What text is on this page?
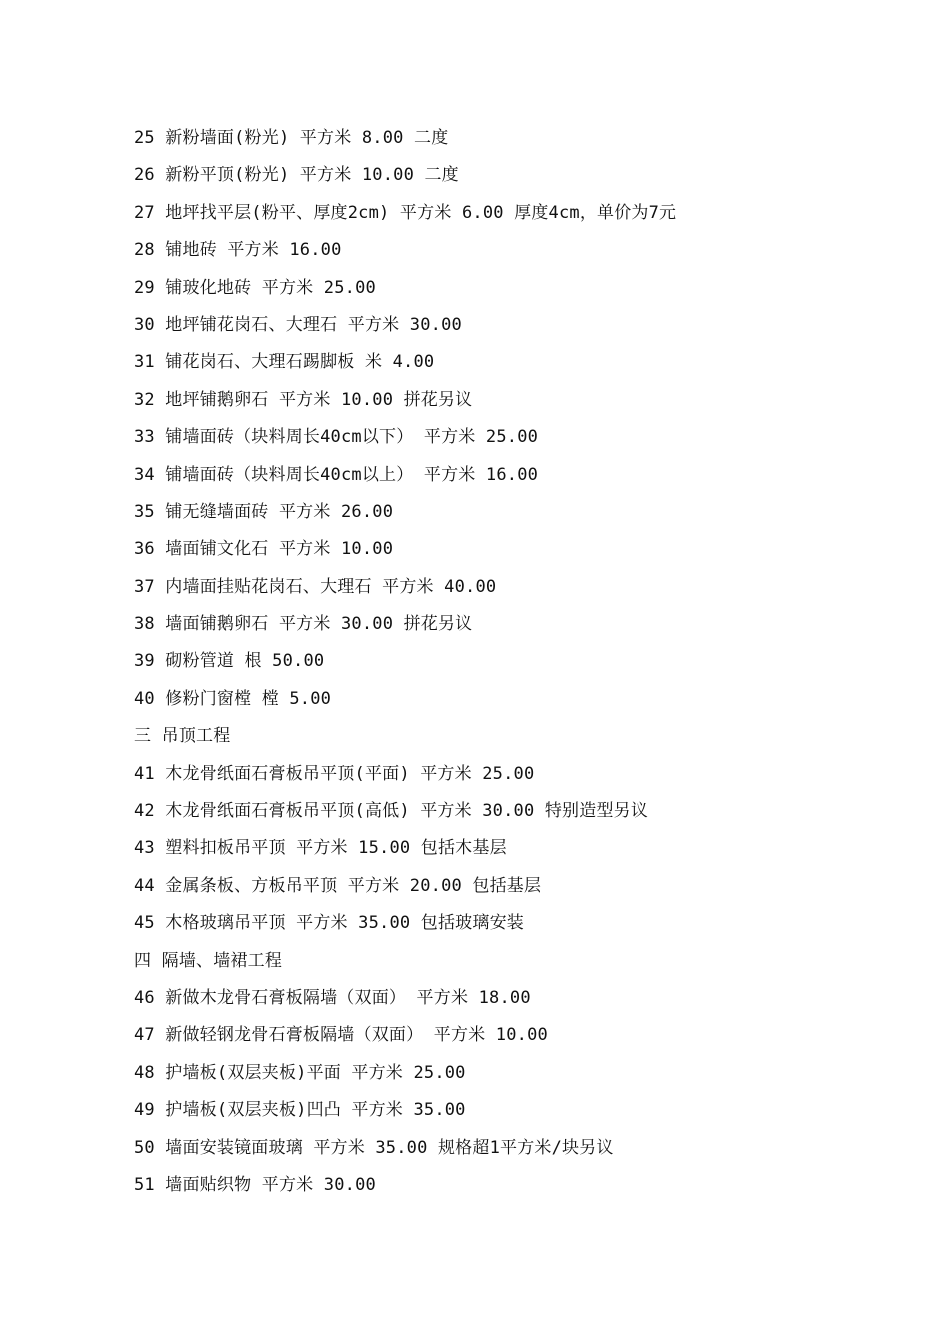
25 新粉墙面(粉光) 平方米 8.00 二度
26 新粉平顶(粉光) 平方米 10.00 二度
27 地坪找平层(粉平、厚度2cm) 平方米 6.00 厚度4cm，单价为7元
28 铺地砖 平方米 16.00
29 铺玻化地砖 平方米 25.00
30 地坪铺花岗石、大理石 平方米 30.00
31 铺花岗石、大理石踢脚板 米 4.00
32 地坪铺鹅卵石 平方米 10.00 拼花另议
33 铺墙面砖（块料周长40cm以下） 平方米 25.00
34 铺墙面砖（块料周长40cm以上） 平方米 16.00
35 铺无缝墙面砖 平方米 26.00
36 墙面铺文化石 平方米 10.00
37 内墙面挂贴花岗石、大理石 平方米 40.00
38 墙面铺鹅卵石 平方米 30.00 拼花另议
39 砌粉管道 根 50.00
40 修粉门窗樘 樘 5.00
三 吊顶工程
41 木龙骨纸面石膏板吊平顶(平面) 平方米 25.00
42 木龙骨纸面石膏板吊平顶(高低) 平方米 30.00 特别造型另议
43 塑料扣板吊平顶 平方米 15.00 包括木基层
44 金属条板、方板吊平顶 平方米 20.00 包括基层
45 木格玻璃吊平顶 平方米 35.00 包括玻璃安装
四 隔墙、墙裙工程
46 新做木龙骨石膏板隔墙（双面） 平方米 18.00
47 新做轻钢龙骨石膏板隔墙（双面） 平方米 10.00
48 护墙板(双层夹板)平面 平方米 25.00
49 护墙板(双层夹板)凹凸 平方米 35.00
50 墙面安装镜面玻璃 平方米 35.00 规格超1平方米/块另议
51 墙面贴织物 平方米 30.00
